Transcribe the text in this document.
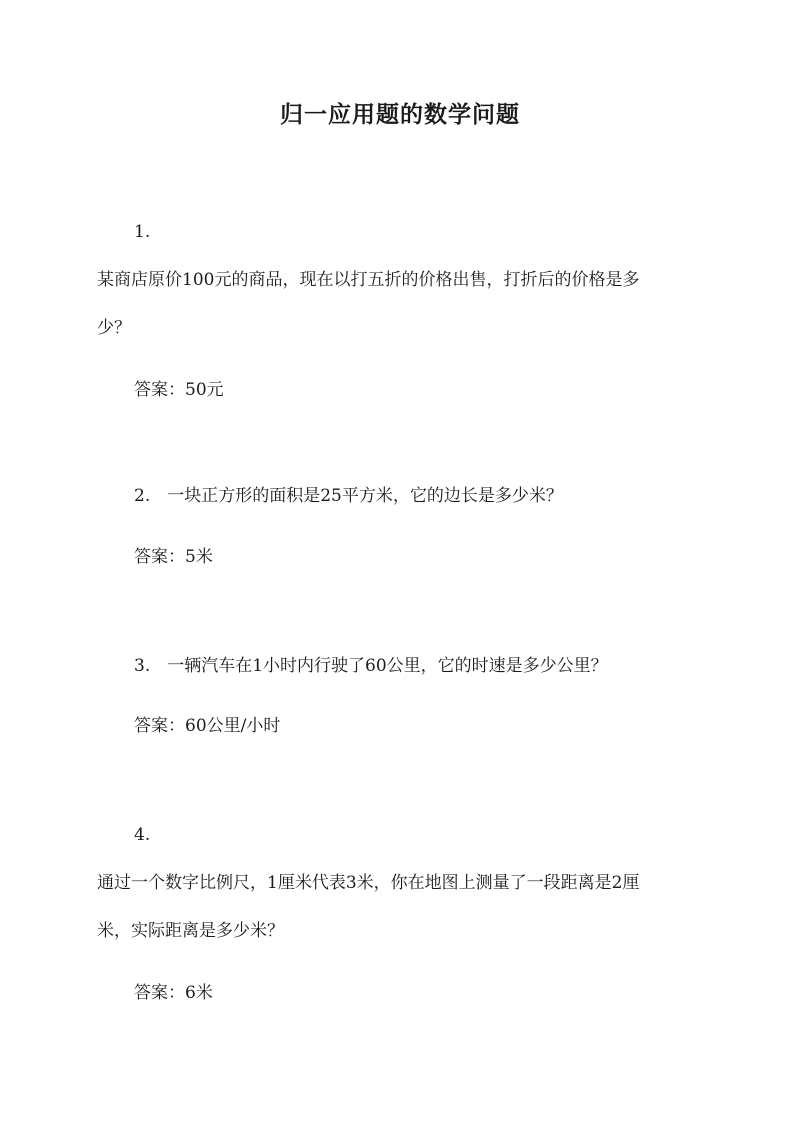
归一应用题的数学问题
1.
某商店原价100元的商品，现在以打五折的价格出售，打折后的价格是多
少？
答案：50元
2.　一块正方形的面积是25平方米，它的边长是多少米？
答案：5米
3.　一辆汽车在1小时内行驶了60公里，它的时速是多少公里？
答案：60公里/小时
4.
通过一个数字比例尺，1厘米代表3米，你在地图上测量了一段距离是2厘
米，实际距离是多少米？
答案：6米
